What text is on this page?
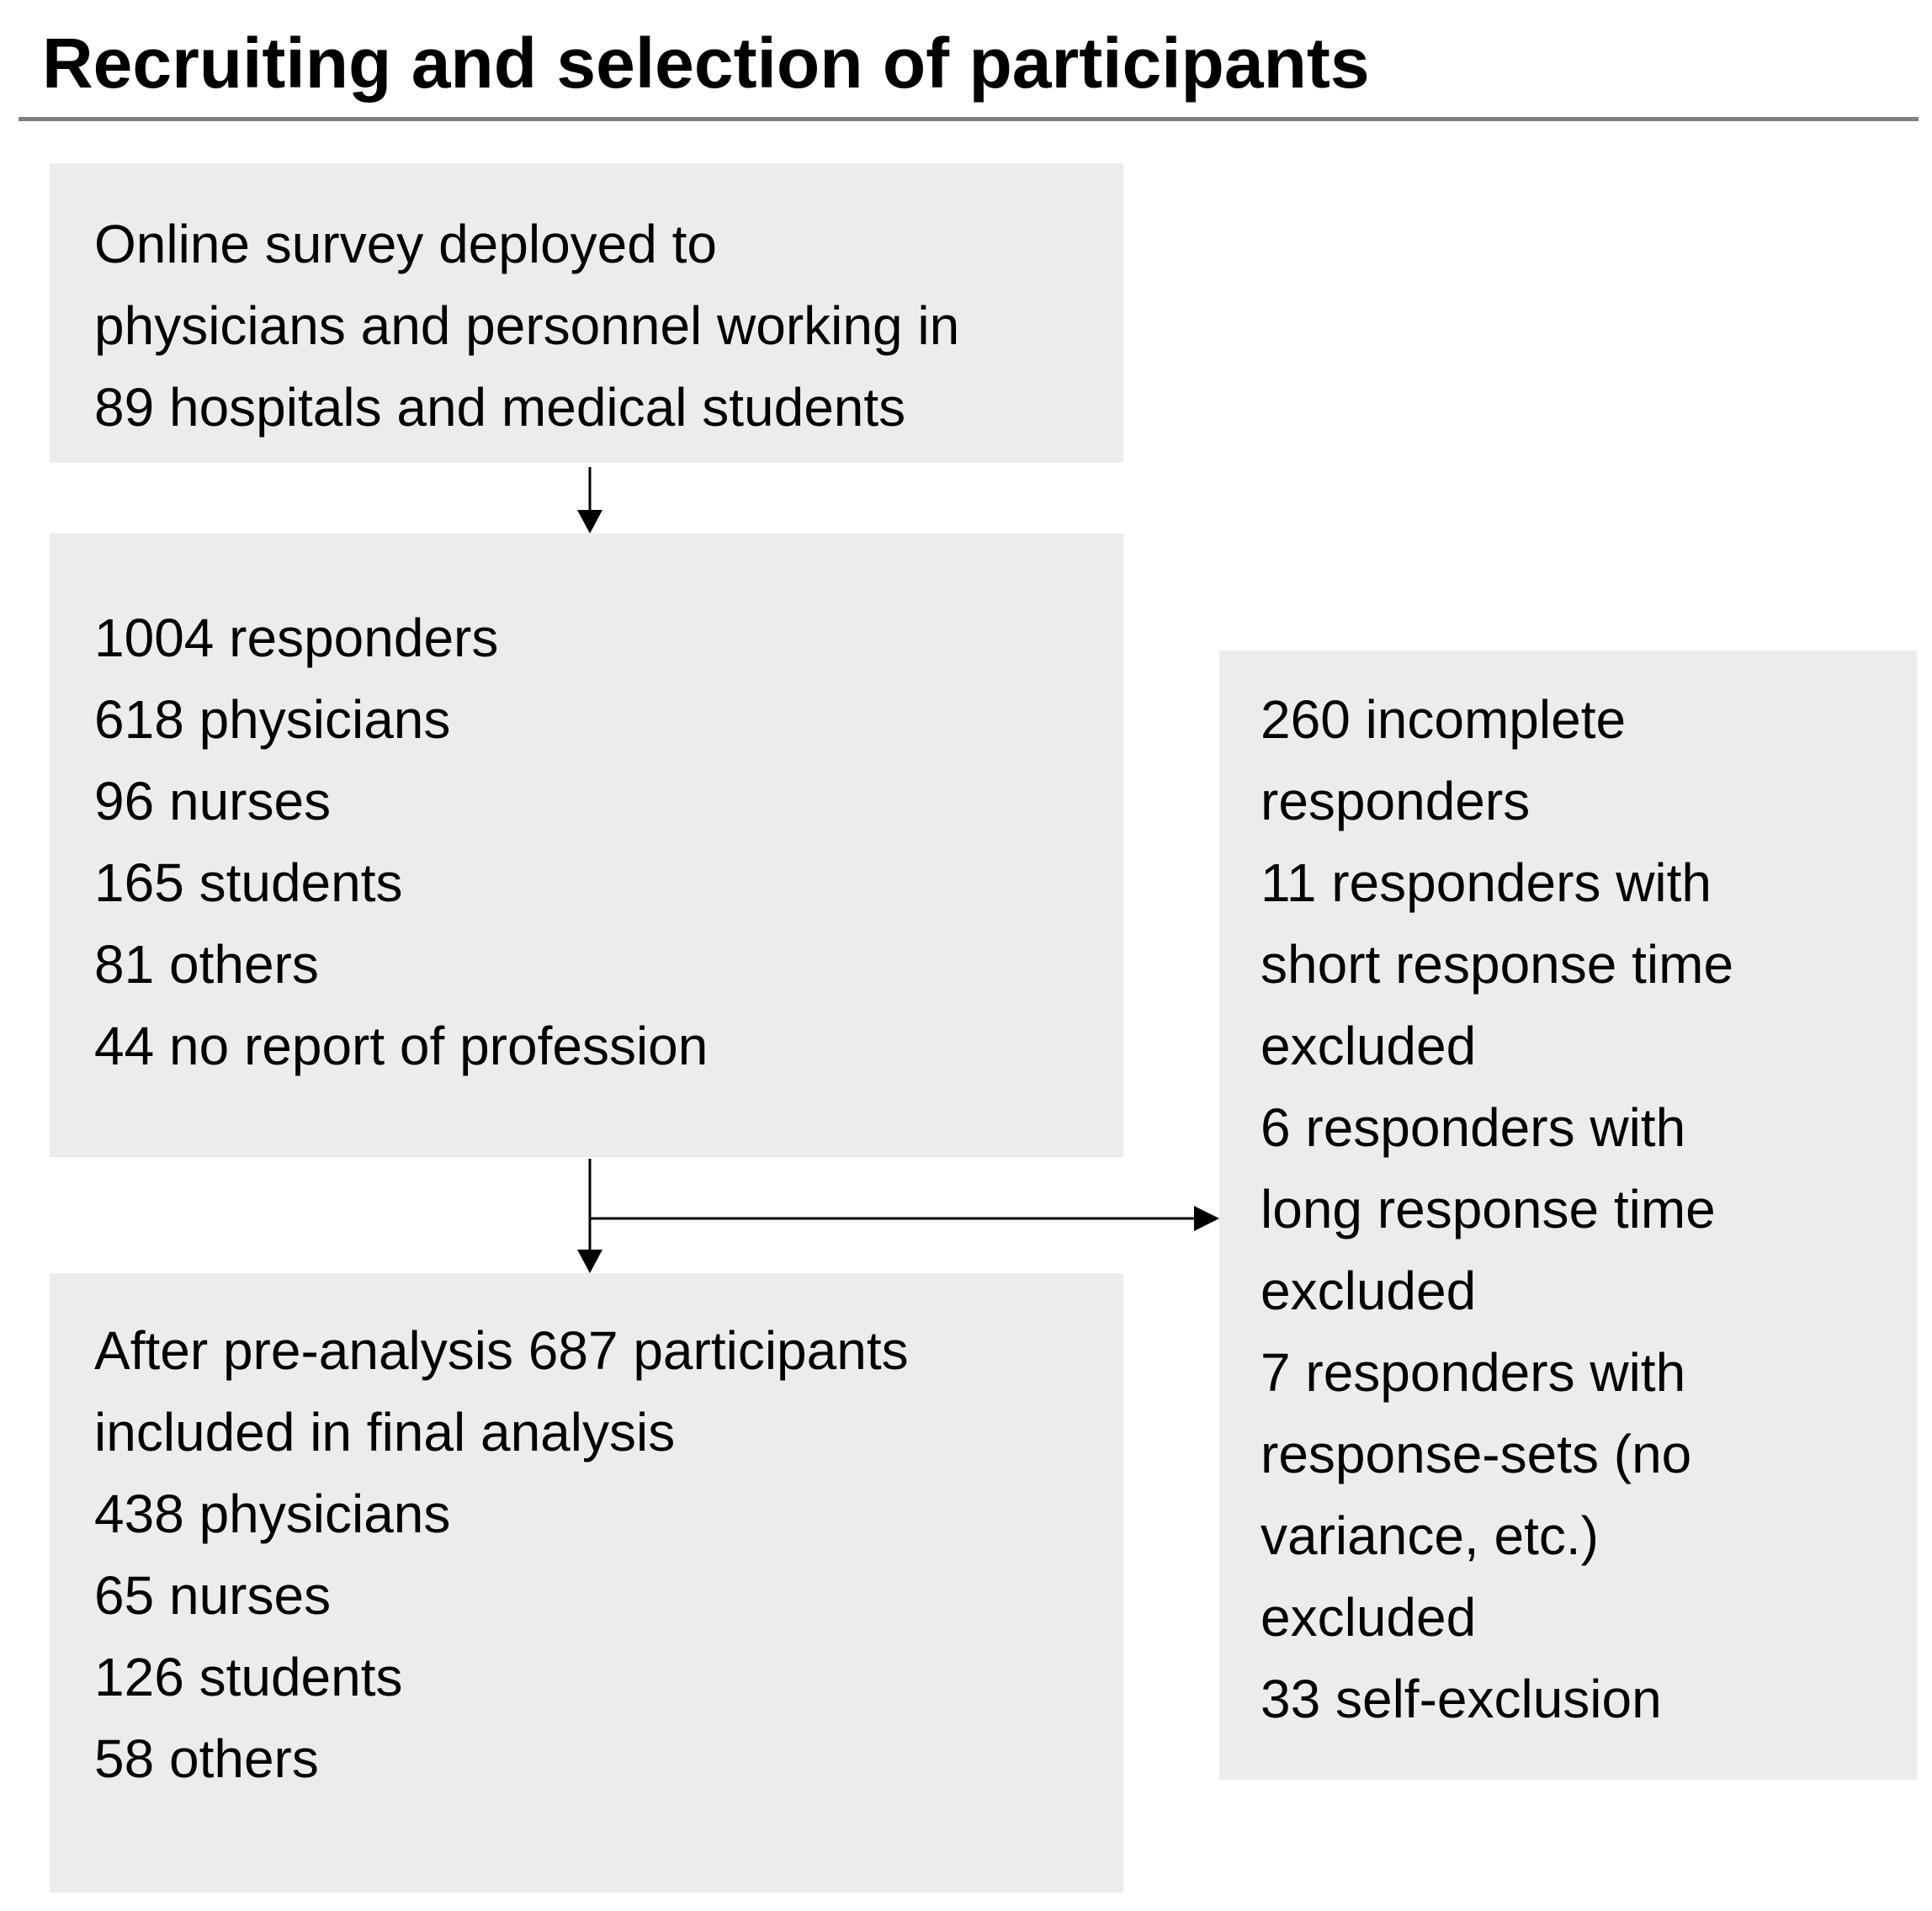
Recruiting and selection of participants
Online survey deployed to
physicians and personnel working in
89 hospitals and medical students
1004 responders
618 physicians
96 nurses
165 students
81 others
44 no report of profession
After pre-analysis 687 participants
included in final analysis
438 physicians
65 nurses
126 students
58 others
260 incomplete
responders
11 responders with
short response time
excluded
6 responders with
long response time
excluded
7 responders with
response-sets (no
variance, etc.)
excluded
33 self-exclusion
